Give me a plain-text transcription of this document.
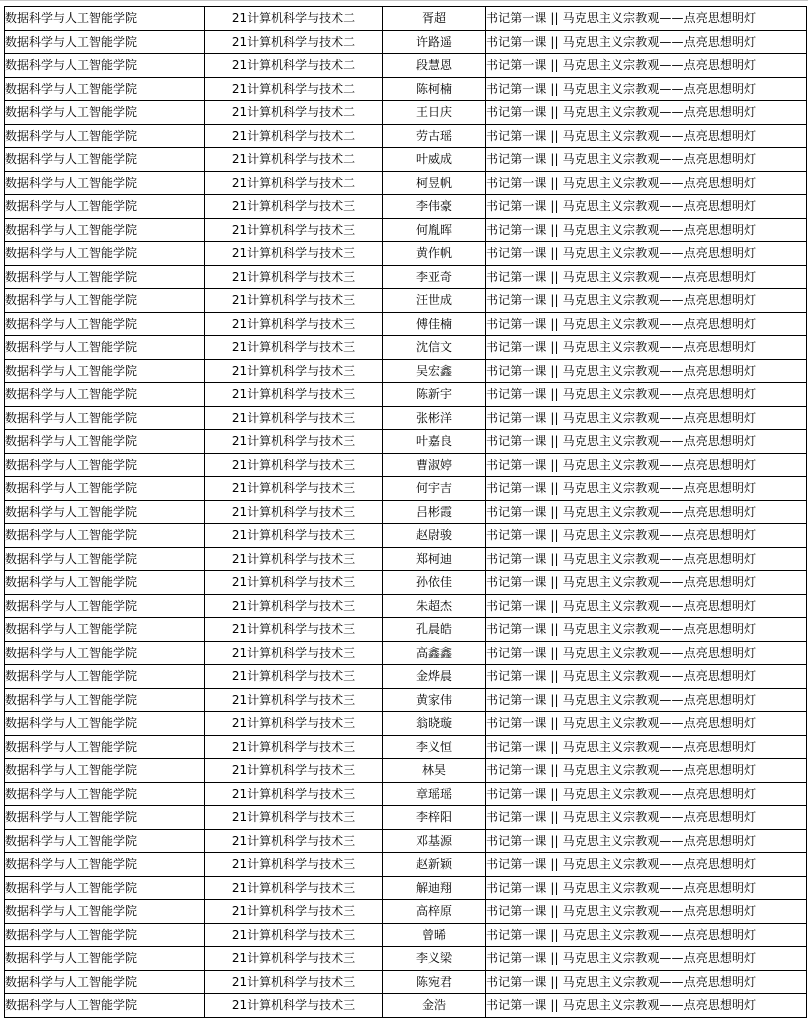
数据科学与人工智能学院	21计算机科学与技术二	胥超	书记第一课 || 马克思主义宗教观——点亮思想明灯
数据科学与人工智能学院	21计算机科学与技术二	许路遥	书记第一课 || 马克思主义宗教观——点亮思想明灯
数据科学与人工智能学院	21计算机科学与技术二	段慧恩	书记第一课 || 马克思主义宗教观——点亮思想明灯
数据科学与人工智能学院	21计算机科学与技术二	陈柯楠	书记第一课 || 马克思主义宗教观——点亮思想明灯
数据科学与人工智能学院	21计算机科学与技术二	王日庆	书记第一课 || 马克思主义宗教观——点亮思想明灯
数据科学与人工智能学院	21计算机科学与技术二	劳古瑶	书记第一课 || 马克思主义宗教观——点亮思想明灯
数据科学与人工智能学院	21计算机科学与技术二	叶威成	书记第一课 || 马克思主义宗教观——点亮思想明灯
数据科学与人工智能学院	21计算机科学与技术二	柯昱帆	书记第一课 || 马克思主义宗教观——点亮思想明灯
数据科学与人工智能学院	21计算机科学与技术三	李伟豪	书记第一课 || 马克思主义宗教观——点亮思想明灯
数据科学与人工智能学院	21计算机科学与技术三	何胤晖	书记第一课 || 马克思主义宗教观——点亮思想明灯
数据科学与人工智能学院	21计算机科学与技术三	黄作帆	书记第一课 || 马克思主义宗教观——点亮思想明灯
数据科学与人工智能学院	21计算机科学与技术三	李亚奇	书记第一课 || 马克思主义宗教观——点亮思想明灯
数据科学与人工智能学院	21计算机科学与技术三	汪世成	书记第一课 || 马克思主义宗教观——点亮思想明灯
数据科学与人工智能学院	21计算机科学与技术三	傅佳楠	书记第一课 || 马克思主义宗教观——点亮思想明灯
数据科学与人工智能学院	21计算机科学与技术三	沈信文	书记第一课 || 马克思主义宗教观——点亮思想明灯
数据科学与人工智能学院	21计算机科学与技术三	吴宏鑫	书记第一课 || 马克思主义宗教观——点亮思想明灯
数据科学与人工智能学院	21计算机科学与技术三	陈新宇	书记第一课 || 马克思主义宗教观——点亮思想明灯
数据科学与人工智能学院	21计算机科学与技术三	张彬洋	书记第一课 || 马克思主义宗教观——点亮思想明灯
数据科学与人工智能学院	21计算机科学与技术三	叶嘉良	书记第一课 || 马克思主义宗教观——点亮思想明灯
数据科学与人工智能学院	21计算机科学与技术三	曹淑婷	书记第一课 || 马克思主义宗教观——点亮思想明灯
数据科学与人工智能学院	21计算机科学与技术三	何宇吉	书记第一课 || 马克思主义宗教观——点亮思想明灯
数据科学与人工智能学院	21计算机科学与技术三	吕彬霞	书记第一课 || 马克思主义宗教观——点亮思想明灯
数据科学与人工智能学院	21计算机科学与技术三	赵尉骏	书记第一课 || 马克思主义宗教观——点亮思想明灯
数据科学与人工智能学院	21计算机科学与技术三	郑柯迪	书记第一课 || 马克思主义宗教观——点亮思想明灯
数据科学与人工智能学院	21计算机科学与技术三	孙依佳	书记第一课 || 马克思主义宗教观——点亮思想明灯
数据科学与人工智能学院	21计算机科学与技术三	朱超杰	书记第一课 || 马克思主义宗教观——点亮思想明灯
数据科学与人工智能学院	21计算机科学与技术三	孔晨皓	书记第一课 || 马克思主义宗教观——点亮思想明灯
数据科学与人工智能学院	21计算机科学与技术三	高鑫鑫	书记第一课 || 马克思主义宗教观——点亮思想明灯
数据科学与人工智能学院	21计算机科学与技术三	金烨晨	书记第一课 || 马克思主义宗教观——点亮思想明灯
数据科学与人工智能学院	21计算机科学与技术三	黄家伟	书记第一课 || 马克思主义宗教观——点亮思想明灯
数据科学与人工智能学院	21计算机科学与技术三	翁晓璇	书记第一课 || 马克思主义宗教观——点亮思想明灯
数据科学与人工智能学院	21计算机科学与技术三	李义恒	书记第一课 || 马克思主义宗教观——点亮思想明灯
数据科学与人工智能学院	21计算机科学与技术三	林昊	书记第一课 || 马克思主义宗教观——点亮思想明灯
数据科学与人工智能学院	21计算机科学与技术三	章瑶瑶	书记第一课 || 马克思主义宗教观——点亮思想明灯
数据科学与人工智能学院	21计算机科学与技术三	李梓阳	书记第一课 || 马克思主义宗教观——点亮思想明灯
数据科学与人工智能学院	21计算机科学与技术三	邓基源	书记第一课 || 马克思主义宗教观——点亮思想明灯
数据科学与人工智能学院	21计算机科学与技术三	赵新颖	书记第一课 || 马克思主义宗教观——点亮思想明灯
数据科学与人工智能学院	21计算机科学与技术三	解迪翔	书记第一课 || 马克思主义宗教观——点亮思想明灯
数据科学与人工智能学院	21计算机科学与技术三	高梓原	书记第一课 || 马克思主义宗教观——点亮思想明灯
数据科学与人工智能学院	21计算机科学与技术三	曾晞	书记第一课 || 马克思主义宗教观——点亮思想明灯
数据科学与人工智能学院	21计算机科学与技术三	李义梁	书记第一课 || 马克思主义宗教观——点亮思想明灯
数据科学与人工智能学院	21计算机科学与技术三	陈宛君	书记第一课 || 马克思主义宗教观——点亮思想明灯
数据科学与人工智能学院	21计算机科学与技术三	金浩	书记第一课 || 马克思主义宗教观——点亮思想明灯
